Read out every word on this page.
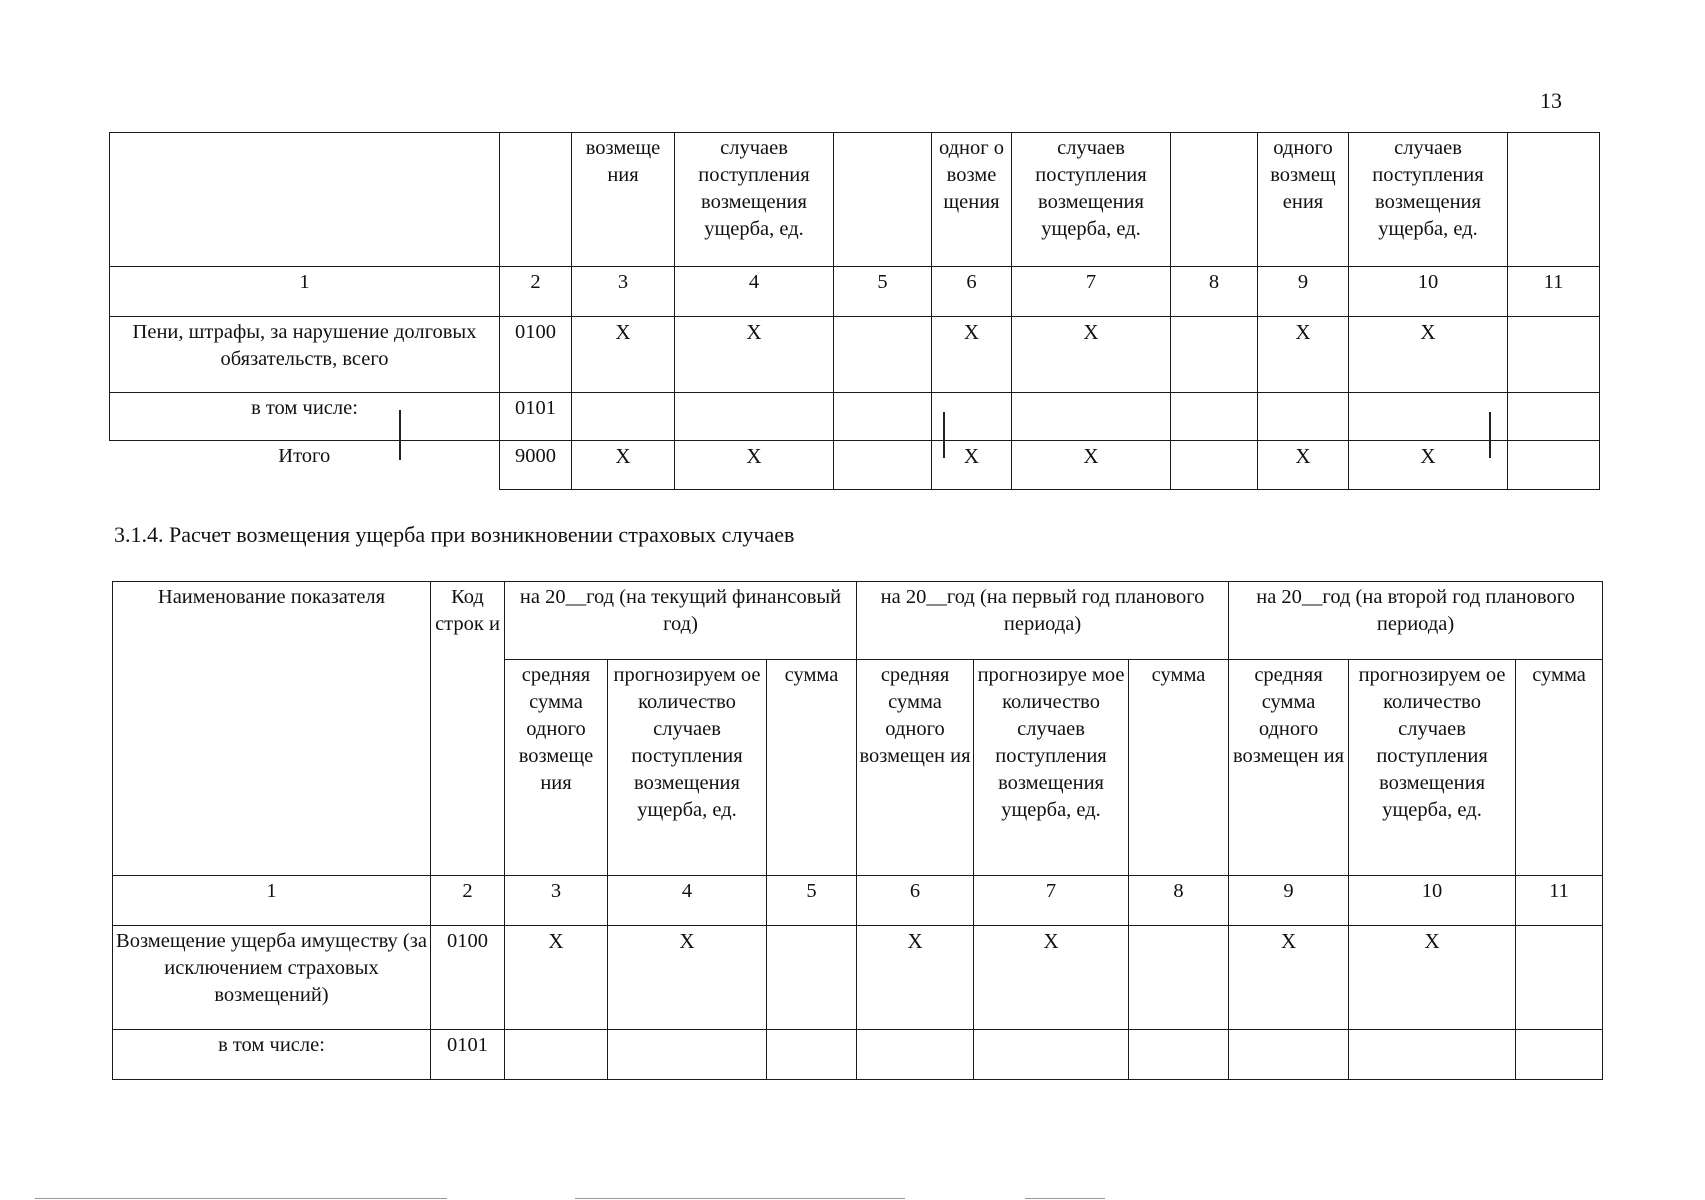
13
		возмеще ния	случаев поступления возмещения ущерба, ед.		одног о возме щения	случаев поступления возмещения ущерба, ед.		одного возмещ ения	случаев поступления возмещения ущерба, ед.	
1	2	3	4	5	6	7	8	9	10	11
Пени, штрафы, за нарушение долговых обязательств, всего	0100	X	X		X	X		X	X	
в том числе:	0101									
Итого	9000	X	X		X	X		X	X	
3.1.4. Расчет возмещения ущерба при возникновении страховых случаев
Наименование показателя	Код строк и	на 20__год (на текущий финансовый год)			на 20__год (на первый год планового периода)			на 20__год (на второй год планового периода)		
		средняя сумма одного возмеще ния	прогнозируем ое количество случаев поступления возмещения ущерба, ед.	сумма	средняя сумма одного возмещен ия	прогнозируе мое количество случаев поступления возмещения ущерба, ед.	сумма	средняя сумма одного возмещен ия	прогнозируем ое количество случаев поступления возмещения ущерба, ед.	сумма
1	2	3	4	5	6	7	8	9	10	11
Возмещение ущерба имуществу (за исключением страховых возмещений)	0100	X	X		X	X		X	X	
в том числе:	0101									
